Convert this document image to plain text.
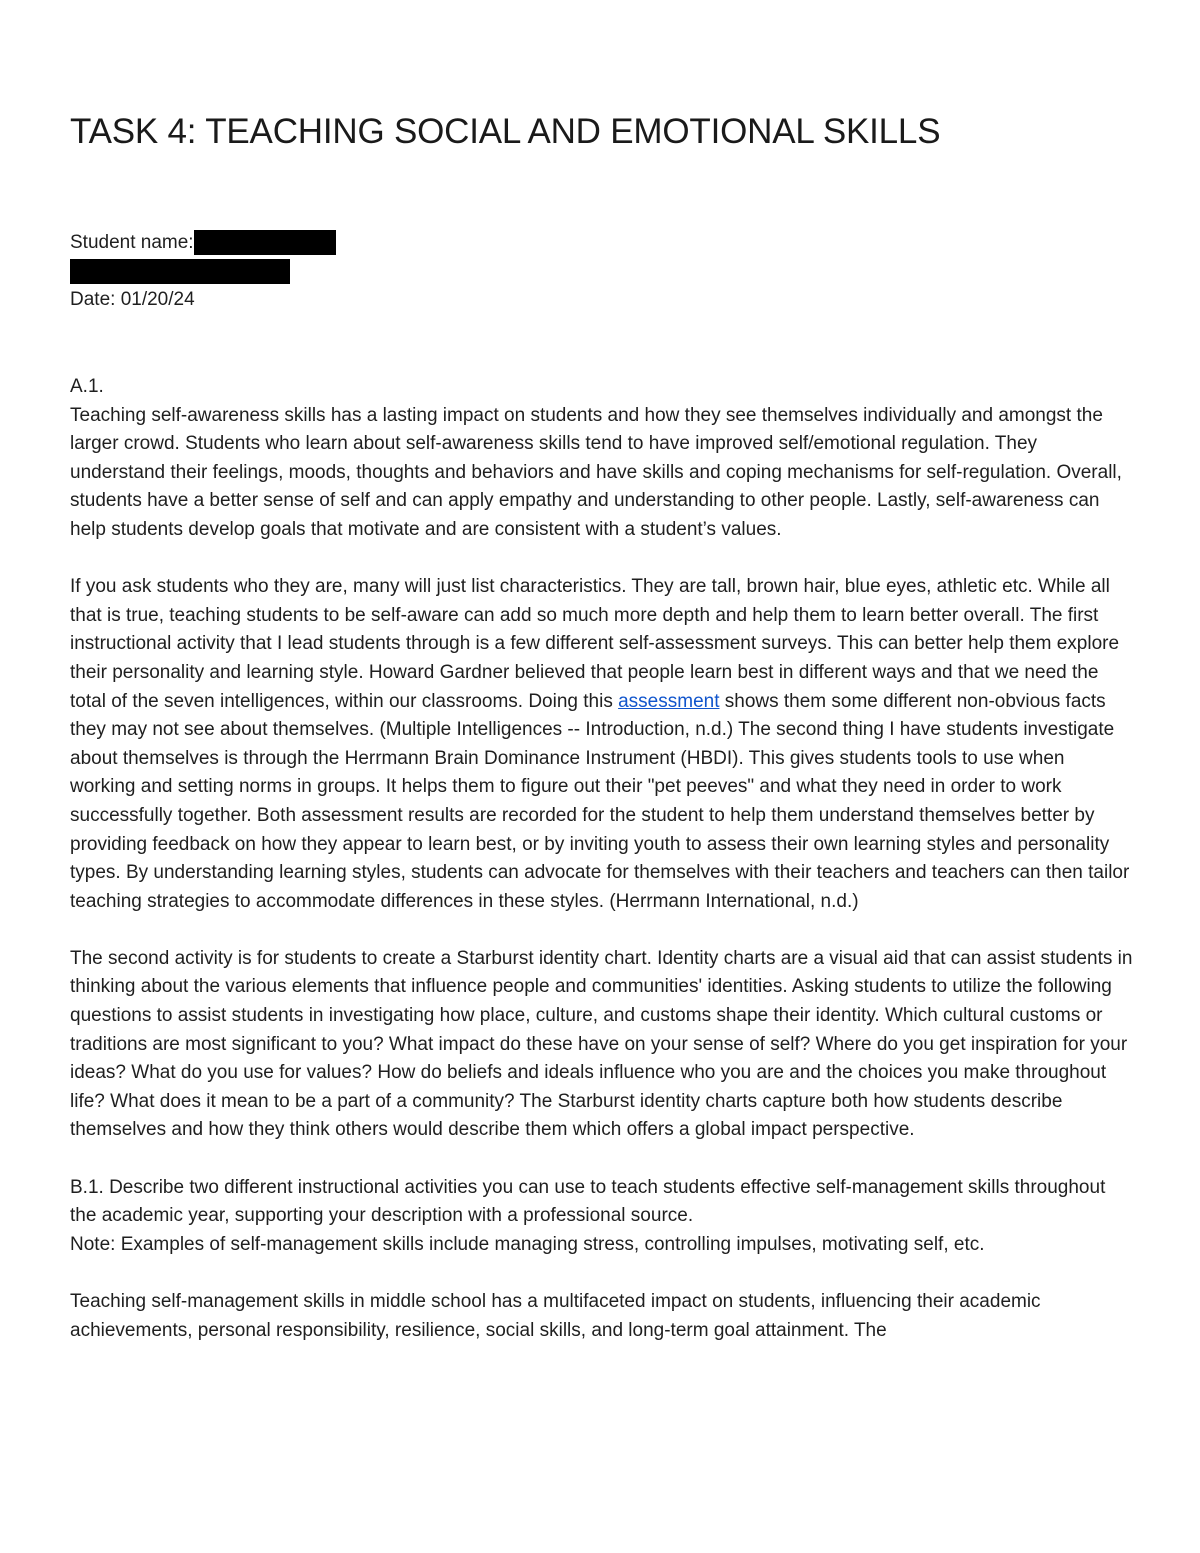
TASK 4: TEACHING SOCIAL AND EMOTIONAL SKILLS
Student name:
Date: 01/20/24

A.1.

Teaching self-awareness skills has a lasting impact on students and how they see themselves individually and amongst the larger crowd. Students who learn about self-awareness skills tend to have improved self/emotional regulation. They understand their feelings, moods, thoughts and behaviors and have skills and coping mechanisms for self-regulation. Overall, students have a better sense of self and can apply empathy and understanding to other people. Lastly, self-awareness can help students develop goals that motivate and are consistent with a student’s values.

If you ask students who they are, many will just list characteristics. They are tall, brown hair, blue eyes, athletic etc. While all that is true, teaching students to be self-aware can add so much more depth and help them to learn better overall. The first instructional activity that I lead students through is a few different self-assessment surveys. This can better help them explore their personality and learning style. Howard Gardner believed that people learn best in different ways and that we need the total of the seven intelligences, within our classrooms. Doing this assessment shows them some different non-obvious facts they may not see about themselves. (Multiple Intelligences -- Introduction, n.d.) The second thing I have students investigate about themselves is through the Herrmann Brain Dominance Instrument (HBDI). This gives students tools to use when working and setting norms in groups. It helps them to figure out their "pet peeves" and what they need in order to work successfully together. Both assessment results are recorded for the student to help them understand themselves better by providing feedback on how they appear to learn best, or by inviting youth to assess their own learning styles and personality types. By understanding learning styles, students can advocate for themselves with their teachers and teachers can then tailor teaching strategies to accommodate differences in these styles. (Herrmann International, n.d.)

The second activity is for students to create a Starburst identity chart. Identity charts are a visual aid that can assist students in thinking about the various elements that influence people and communities' identities. Asking students to utilize the following questions to assist students in investigating how place, culture, and customs shape their identity. Which cultural customs or traditions are most significant to you? What impact do these have on your sense of self? Where do you get inspiration for your ideas? What do you use for values? How do beliefs and ideals influence who you are and the choices you make throughout life? What does it mean to be a part of a community? The Starburst identity charts capture both how students describe themselves and how they think others would describe them which offers a global impact perspective.

B.1. Describe two different instructional activities you can use to teach students effective self-management skills throughout the academic year, supporting your description with a professional source.

Note: Examples of self-management skills include managing stress, controlling impulses, motivating self, etc.

Teaching self-management skills in middle school has a multifaceted impact on students, influencing their academic achievements, personal responsibility, resilience, social skills, and long-term goal attainment. The
